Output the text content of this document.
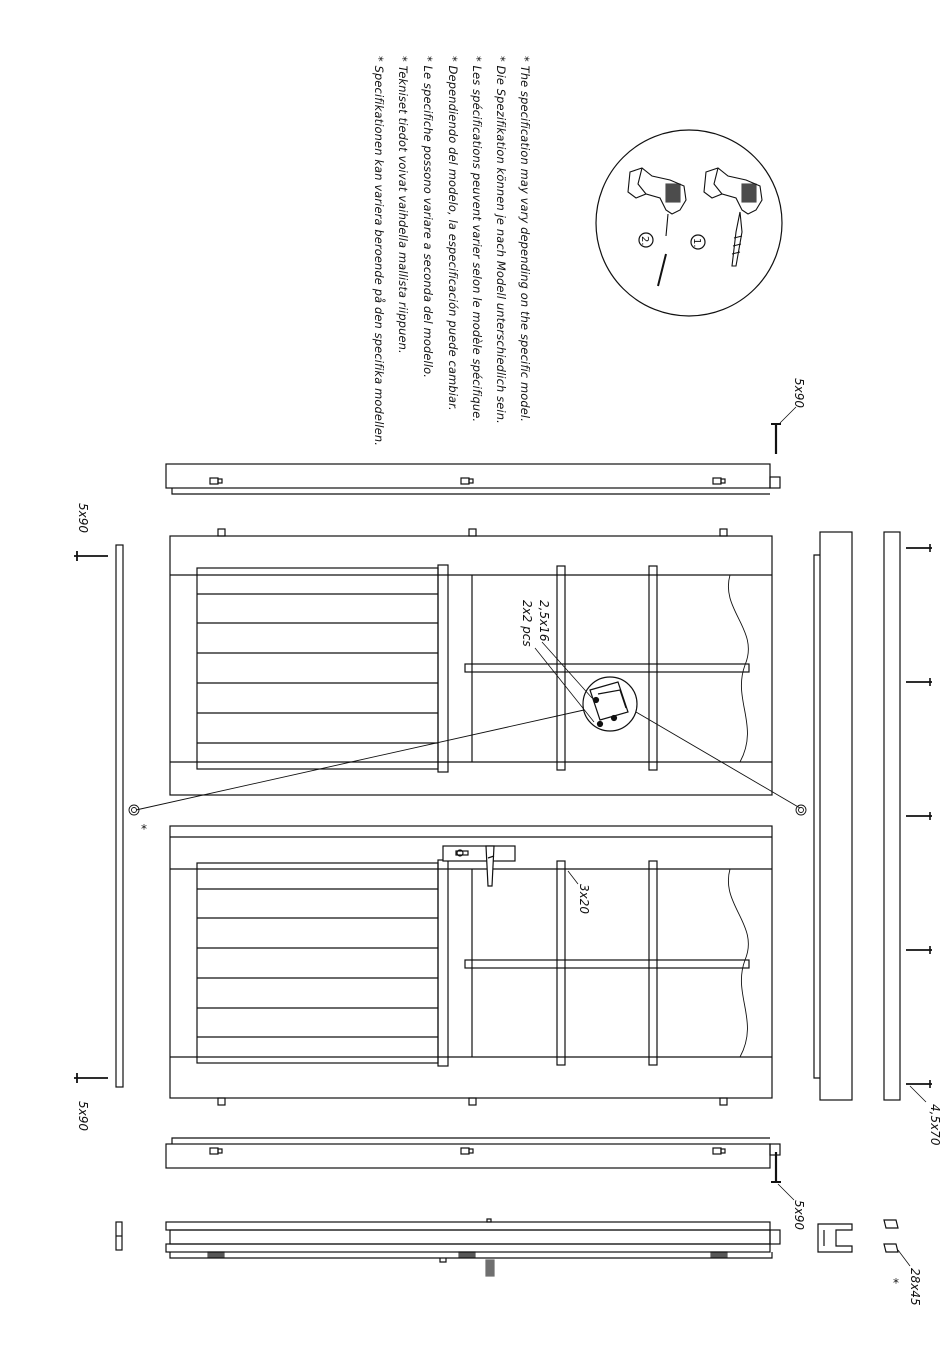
1.
2.
* The specification may vary depending on the specific model.
* Die Spezifikation können je nach Modell unterschiedlich sein.
* Les spécifications peuvent varier selon le modèle spécifique.
* Dependiendo del modelo, la especificación puede cambiar.
* Le specifiche possono variare a seconda del modello.
* Tekniset tiedot voivat vaihdella mallista riippuen.
* Specifikationen kan variera beroende på den specifika modellen.	5x90
5x90
5x90
2,5x16
2x2 pcs
3x20
4,5x70
5x90
28x45
*
*
